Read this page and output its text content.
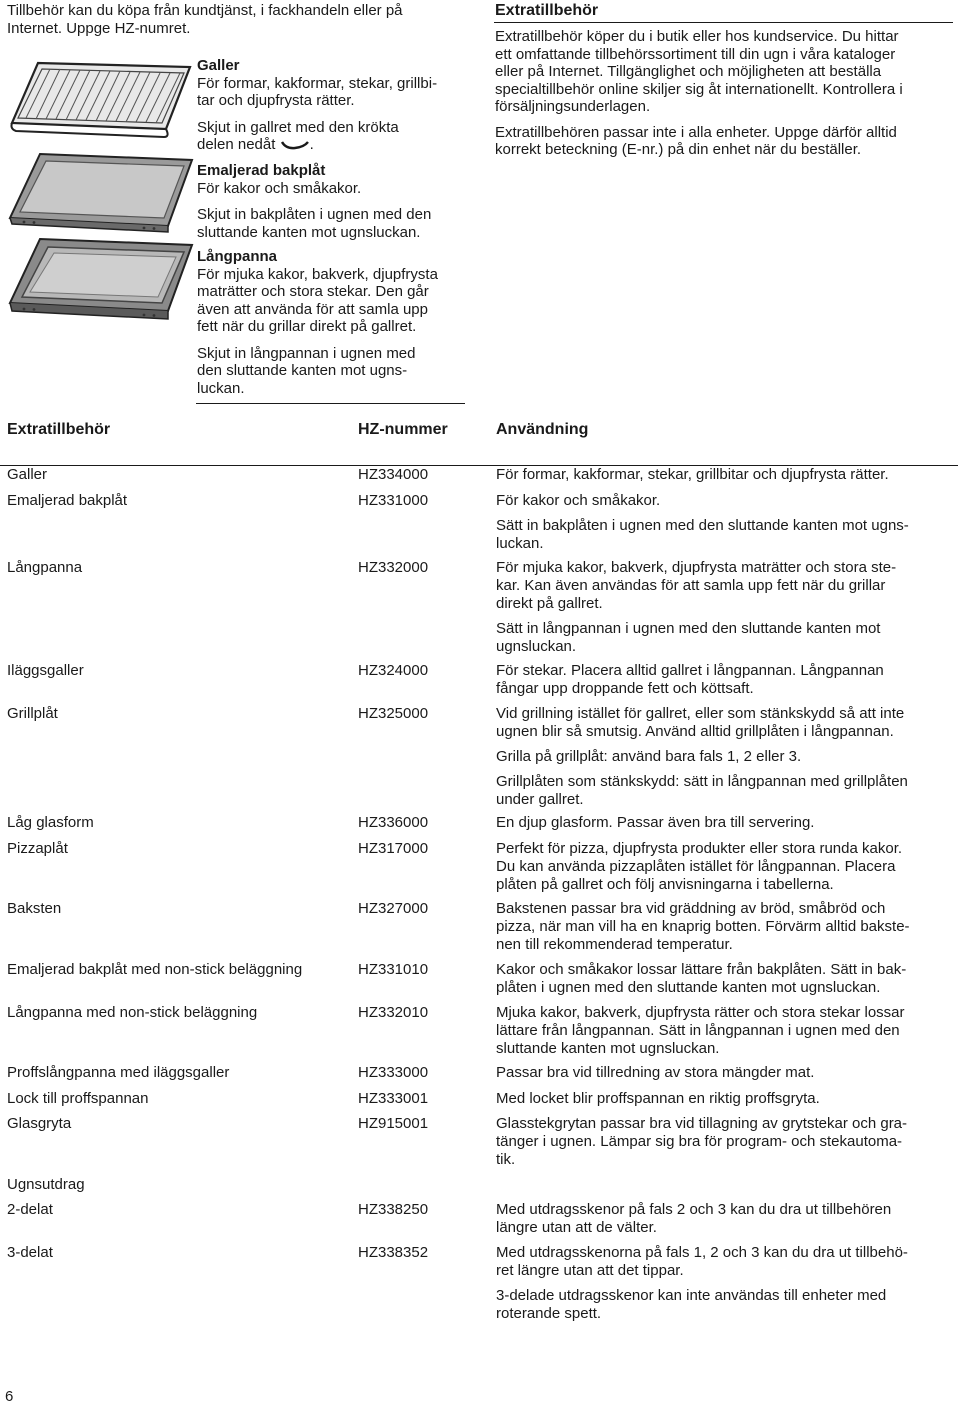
Tillbehör kan du köpa från kundtjänst, i fackhandeln eller på
Internet. Uppge HZ-numret.

Galler

För formar, kakformar, stekar, grillbi-
tar och djupfrysta rätter.

Skjut in gallret med den krökta
delen nedåt .

Emaljerad bakplåt

För kakor och småkakor.

Skjut in bakplåten i ugnen med den
sluttande kanten mot ugnsluckan.

Långpanna

För mjuka kakor, bakverk, djupfrysta
maträtter och stora stekar. Den går
även att använda för att samla upp
fett när du grillar direkt på gallret.

Skjut in långpannan i ugnen med
den sluttande kanten mot ugns-
luckan.

Extratillbehör

Extratillbehör köper du i butik eller hos kundservice. Du hittar
ett omfattande tillbehörssortiment till din ugn i våra kataloger
eller på Internet. Tillgänglighet och möjligheten att beställa
specialtillbehör online skiljer sig åt internationellt. Kontrollera i
försäljningsunderlagen.

Extratillbehören passar inte i alla enheter. Uppge därför alltid
korrekt beteckning (E-nr.) på din enhet när du beställer.

Extratillbehör	HZ-nummer	Användning
Galler	HZ334000	För formar, kakformar, stekar, grillbitar och djupfrysta rätter.

Emaljerad bakplåt	HZ331000	För kakor och småkakor.

Sätt in bakplåten i ugnen med den sluttande kanten mot ugns-
luckan.

Långpanna	HZ332000	För mjuka kakor, bakverk, djupfrysta maträtter och stora ste-
kar. Kan även användas för att samla upp fett när du grillar
direkt på gallret.

Sätt in långpannan i ugnen med den sluttande kanten mot
ugnsluckan.

Iläggsgaller	HZ324000	För stekar. Placera alltid gallret i långpannan. Långpannan
fångar upp droppande fett och köttsaft.

Grillplåt	HZ325000	Vid grillning istället för gallret, eller som stänkskydd så att inte
ugnen blir så smutsig. Använd alltid grillplåten i långpannan.

Grilla på grillplåt: använd bara fals 1, 2 eller 3.

Grillplåten som stänkskydd: sätt in långpannan med grillplåten
under gallret.

Låg glasform	HZ336000	En djup glasform. Passar även bra till servering.

Pizzaplåt	HZ317000	Perfekt för pizza, djupfrysta produkter eller stora runda kakor.
Du kan använda pizzaplåten istället för långpannan. Placera
plåten på gallret och följ anvisningarna i tabellerna.

Baksten	HZ327000	Bakstenen passar bra vid gräddning av bröd, småbröd och
pizza, när man vill ha en knaprig botten. Förvärm alltid bakste-
nen till rekommenderad temperatur.

Emaljerad bakplåt med non-stick beläggning	HZ331010	Kakor och småkakor lossar lättare från bakplåten. Sätt in bak-
plåten i ugnen med den sluttande kanten mot ugnsluckan.

Långpanna med non-stick beläggning	HZ332010	Mjuka kakor, bakverk, djupfrysta rätter och stora stekar lossar
lättare från långpannan. Sätt in långpannan i ugnen med den
sluttande kanten mot ugnsluckan.

Proffslångpanna med iläggsgaller	HZ333000	Passar bra vid tillredning av stora mängder mat.

Lock till proffspannan	HZ333001	Med locket blir proffspannan en riktig proffsgryta.

Glasgryta	HZ915001	Glasstekgrytan passar bra vid tillagning av grytstekar och gra-
tänger i ugnen. Lämpar sig bra för program- och stekautoma-
tik.

Ugnsutdrag
2-delat	HZ338250	Med utdragsskenor på fals 2 och 3 kan du dra ut tillbehören
längre utan att de välter.

3-delat	HZ338352	Med utdragsskenorna på fals 1, 2 och 3 kan du dra ut tillbehö-
ret längre utan att det tippar.

3-delade utdragsskenor kan inte användas till enheter med
roterande spett.

6
